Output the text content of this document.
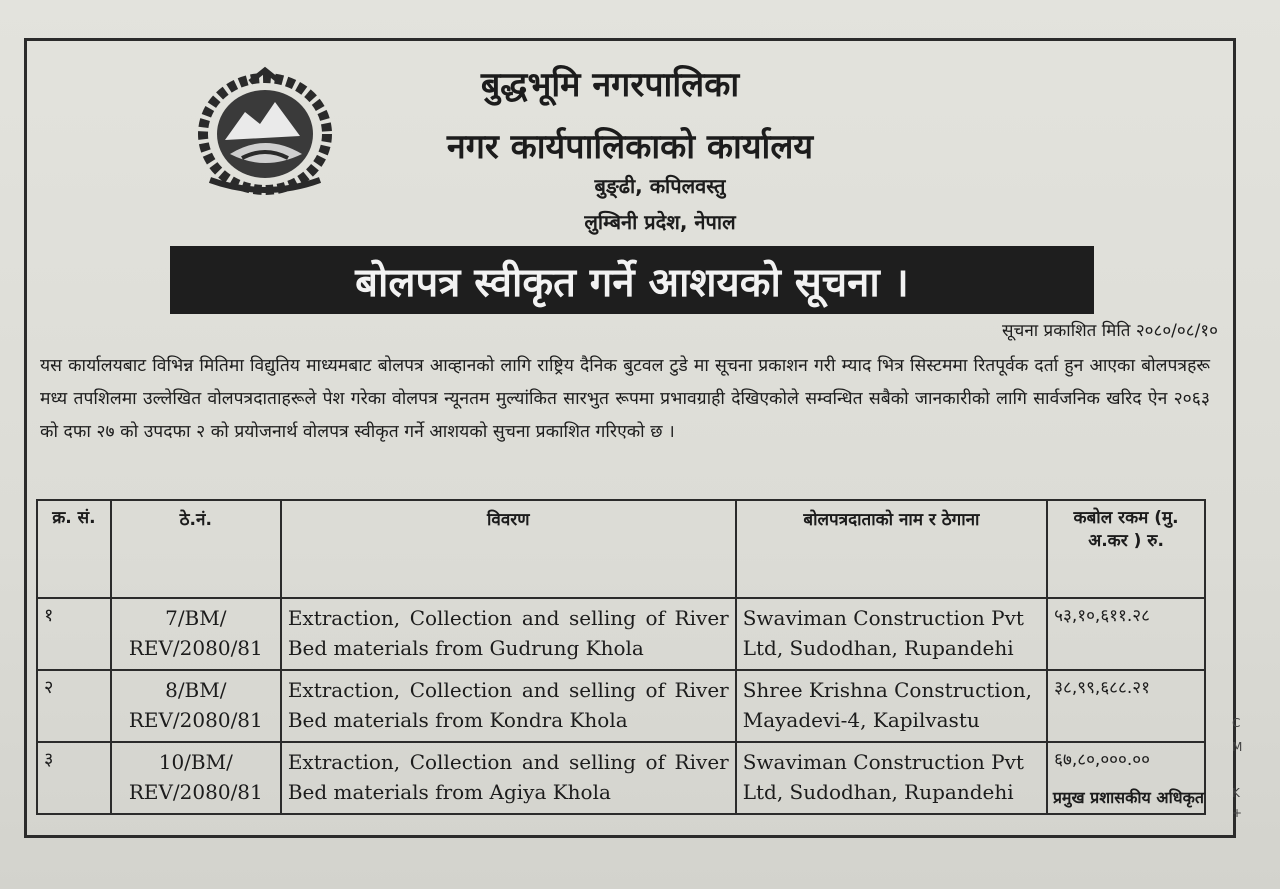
बुद्धभूमि नगरपालिका
नगर कार्यपालिकाको कार्यालय
बुङ्ढी, कपिलवस्तु
लुम्बिनी प्रदेश, नेपाल
बोलपत्र स्वीकृत गर्ने आशयको सूचना ।
सूचना प्रकाशित मिति २०८०/०८/१०
यस कार्यालयबाट विभिन्न मितिमा विद्युतिय माध्यमबाट बोलपत्र आव्हानको लागि राष्ट्रिय दैनिक बुटवल टुडे मा सूचना प्रकाशन गरी म्याद भित्र सिस्टममा रितपूर्वक दर्ता हुन आएका बोलपत्रहरू मध्य तपशिलमा उल्लेखित वोलपत्रदाताहरूले पेश गरेका वोलपत्र न्यूनतम मुल्यांकित सारभुत रूपमा प्रभावग्राही देखिएकोले सम्वन्धित सबैको जानकारीको लागि सार्वजनिक खरिद ऐन २०६३ को दफा २७ को उपदफा २ को प्रयोजनार्थ वोलपत्र स्वीकृत गर्ने आशयको सुचना प्रकाशित गरिएको छ ।
क्र. सं.	ठे.नं.	विवरण	बोलपत्रदाताको नाम र ठेगाना	कबोल रकम (मु. अ.कर ) रु.
१	7/BM/ REV/2080/81	Extraction, Collection and selling of River Bed materials from Gudrung Khola	Swaviman Construction Pvt Ltd, Sudodhan, Rupandehi	५३,१०,६११.२८
२	8/BM/ REV/2080/81	Extraction, Collection and selling of River Bed materials from Kondra Khola	Shree Krishna Construction, Mayadevi-4, Kapilvastu	३८,९९,६८८.२१
३	10/BM/ REV/2080/81	Extraction, Collection and selling of River Bed materials from Agiya Khola	Swaviman Construction Pvt Ltd, Sudodhan, Rupandehi	६७,८०,०००.००
प्रमुख प्रशासकीय अधिकृत
C
M
K
+
